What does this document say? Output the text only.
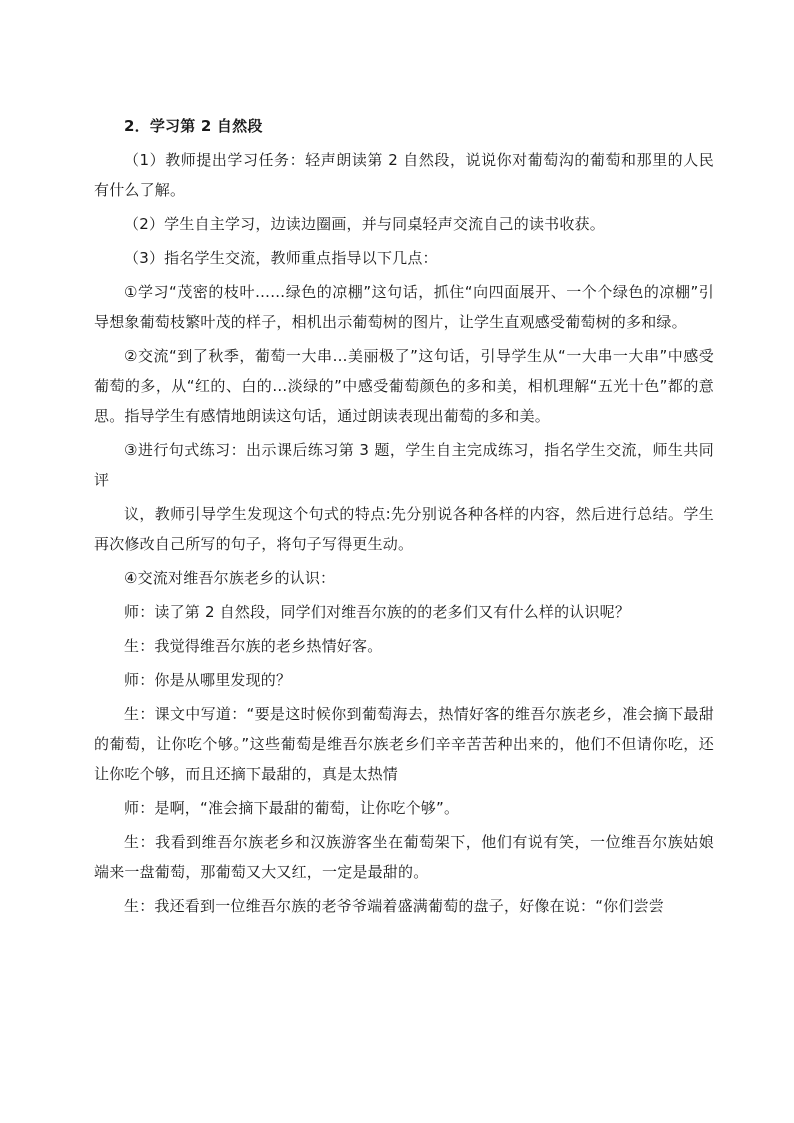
2．学习第 2 自然段

（1）教师提出学习任务：轻声朗读第 2 自然段，说说你对葡萄沟的葡萄和那里的人民有什么了解。

（2）学生自主学习，边读边圈画，并与同桌轻声交流自己的读书收获。

（3）指名学生交流，教师重点指导以下几点：

①学习“茂密的枝叶……绿色的凉棚”这句话，抓住“向四面展开、一个个绿色的凉棚”引导想象葡萄枝繁叶茂的样子，相机出示葡萄树的图片，让学生直观感受葡萄树的多和绿。

②交流“到了秋季，葡萄一大串…美丽极了”这句话，引导学生从“一大串一大串”中感受葡萄的多，从“红的、白的…淡绿的”中感受葡萄颜色的多和美，相机理解“五光十色”都的意思。指导学生有感情地朗读这句话，通过朗读表现出葡萄的多和美。

③进行句式练习：出示课后练习第 3 题，学生自主完成练习，指名学生交流，师生共同评

议，教师引导学生发现这个句式的特点:先分别说各种各样的内容，然后进行总结。学生再次修改自己所写的句子，将句子写得更生动。

④交流对维吾尔族老乡的认识：

师：读了第 2 自然段，同学们对维吾尔族的的老多们又有什么样的认识呢？

生：我觉得维吾尔族的老乡热情好客。

师：你是从哪里发现的？

生：课文中写道：“要是这时候你到葡萄海去，热情好客的维吾尔族老乡，准会摘下最甜的葡萄，让你吃个够。”这些葡萄是维吾尔族老乡们辛辛苦苦种出来的，他们不但请你吃，还让你吃个够，而且还摘下最甜的，真是太热情

师：是啊，“准会摘下最甜的葡萄，让你吃个够”。

生：我看到维吾尔族老乡和汉族游客坐在葡萄架下，他们有说有笑，一位维吾尔族姑娘端来一盘葡萄，那葡萄又大又红，一定是最甜的。

生：我还看到一位维吾尔族的老爷爷端着盛满葡萄的盘子，好像在说：“你们尝尝
